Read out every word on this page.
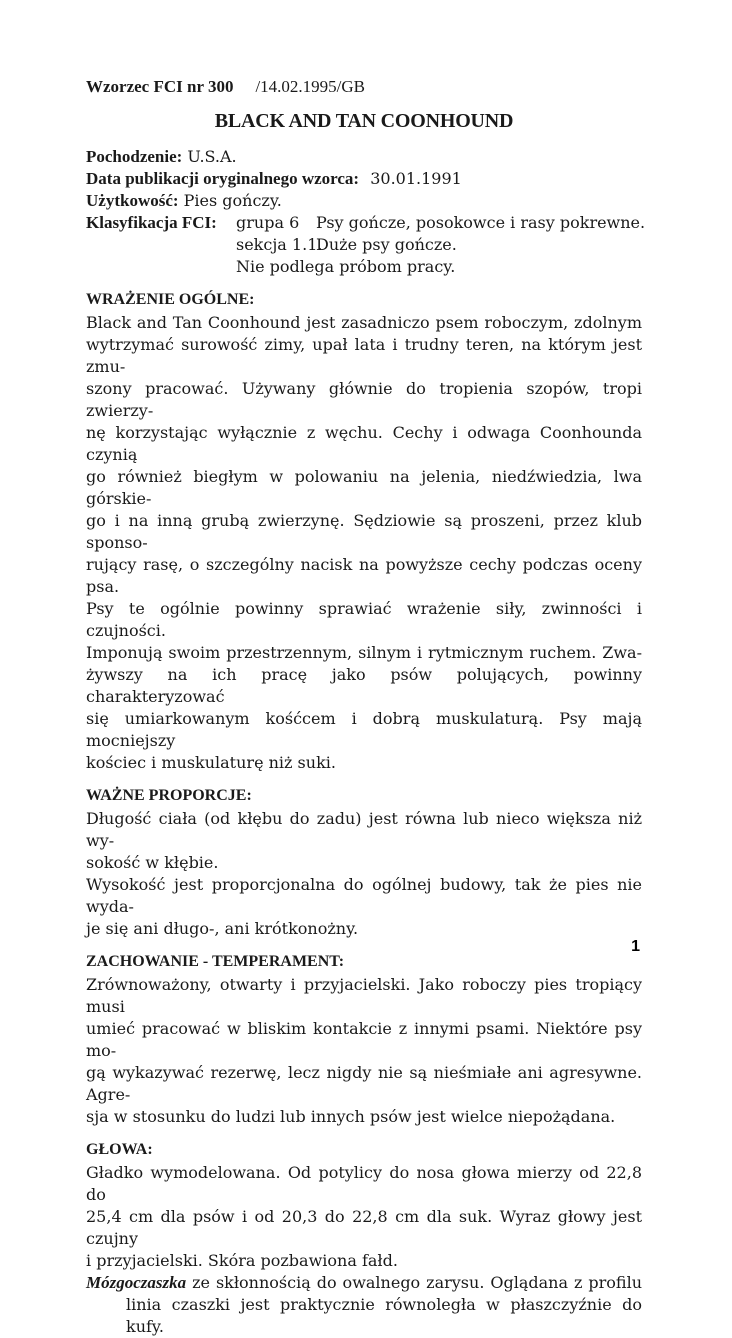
Wzorzec FCI nr 300 /14.02.1995/GB
BLACK AND TAN COONHOUND
Pochodzenie: U.S.A.
Data publikacji oryginalnego wzorca: 30.01.1991
Użytkowość: Pies gończy.
Klasyfikacja FCI:	grupa 6 Psy gończe, posokowce i rasy pokrewne.
sekcja 1.1.Duże psy gończe.
Nie podlega próbom pracy.
WRAŻENIE OGÓLNE:
Black and Tan Coonhound jest zasadniczo psem roboczym, zdolnym
wytrzymać surowość zimy, upał lata i trudny teren, na którym jest zmu-
szony pracować. Używany głównie do tropienia szopów, tropi zwierzy-
nę korzystając wyłącznie z węchu. Cechy i odwaga Coonhounda czynią
go również biegłym w polowaniu na jelenia, niedźwiedzia, lwa górskie-
go i na inną grubą zwierzynę. Sędziowie są proszeni, przez klub sponso-
rujący rasę, o szczególny nacisk na powyższe cechy podczas oceny psa.
Psy te ogólnie powinny sprawiać wrażenie siły, zwinności i czujności.
Imponują swoim przestrzennym, silnym i rytmicznym ruchem. Zwa-
żywszy na ich pracę jako psów polujących, powinny charakteryzować
się umiarkowanym kośćcem i dobrą muskulaturą. Psy mają mocniejszy
kościec i muskulaturę niż suki.
WAŻNE PROPORCJE:
Długość ciała (od kłębu do zadu) jest równa lub nieco większa niż wy-
sokość w kłębie.
Wysokość jest proporcjonalna do ogólnej budowy, tak że pies nie wyda-
je się ani długo-, ani krótkonożny.
ZACHOWANIE - TEMPERAMENT:
Zrównoważony, otwarty i przyjacielski. Jako roboczy pies tropiący musi
umieć pracować w bliskim kontakcie z innymi psami. Niektóre psy mo-
gą wykazywać rezerwę, lecz nigdy nie są nieśmiałe ani agresywne. Agre-
sja w stosunku do ludzi lub innych psów jest wielce niepożądana.
GŁOWA:
Gładko wymodelowana. Od potylicy do nosa głowa mierzy od 22,8 do
25,4 cm dla psów i od 20,3 do 22,8 cm dla suk. Wyraz głowy jest czujny
i przyjacielski. Skóra pozbawiona fałd.
Mózgoczaszka ze skłonnością do owalnego zarysu. Oglądana z profilu
linia czaszki jest praktycznie równoległa w płaszczyźnie do kufy.
1
